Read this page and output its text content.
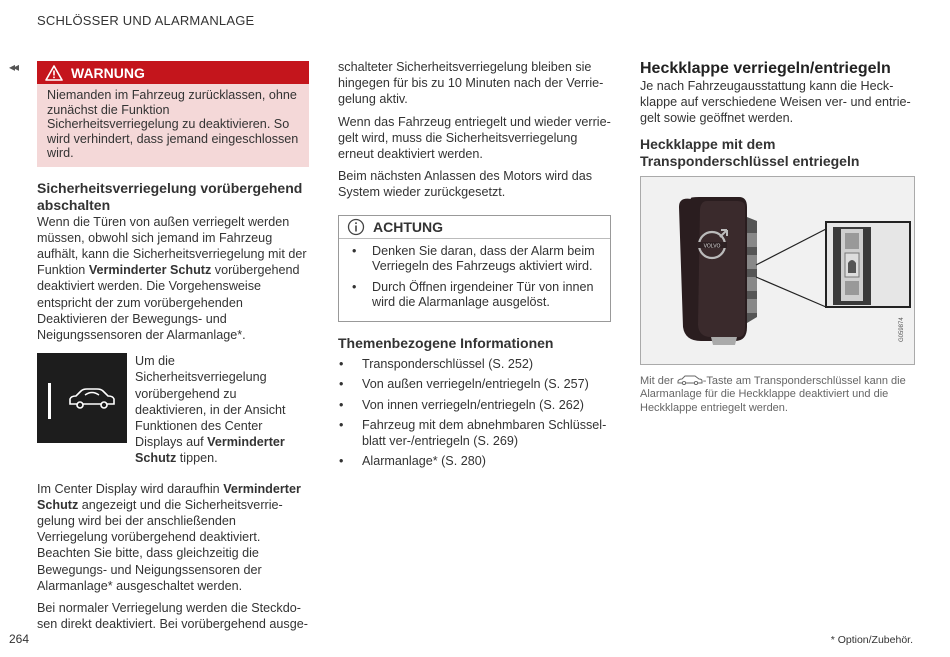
SCHLÖSSER UND ALARMANLAGE
◂◂	WARNUNG
Niemanden im Fahrzeug zurücklassen, ohne zunächst die Funktion Sicherheitsverriegelung zu deaktivieren. So wird verhindert, dass jemand eingeschlossen wird.
Sicherheitsverriegelung vorübergehend abschalten

Wenn die Türen von außen verriegelt werden müssen, obwohl sich jemand im Fahrzeug aufhält, kann die Sicherheitsverriegelung mit der Funktion Verminderter Schutz vorübergehend deaktiviert werden. Die Vorgehensweise entspricht der zum vorübergehenden Deaktivieren der Bewegungs- und Neigungssensoren der Alarmanlage*.

Um die Sicherheitsverriegelung vorübergehend zu deaktivieren, in der Ansicht Funktionen des Center Displays auf Verminderter Schutz tippen.

Im Center Display wird daraufhin Verminderter Schutz angezeigt und die Sicherheitsverriegelung wird bei der anschließenden Verriegelung vorübergehend deaktiviert. Beachten Sie bitte, dass gleichzeitig die Bewegungs- und Neigungssensoren der Alarmanlage* ausgeschaltet werden.

Bei normaler Verriegelung werden die Steckdosen direkt deaktiviert. Bei vorübergehend ausge-

schalteter Sicherheitsverriegelung bleiben sie hingegen für bis zu 10 Minuten nach der Verriegelung aktiv.

Wenn das Fahrzeug entriegelt und wieder verriegelt wird, muss die Sicherheitsverriegelung erneut deaktiviert werden.

Beim nächsten Anlassen des Motors wird das System wieder zurückgesetzt.

ACHTUNG
• Denken Sie daran, dass der Alarm beim Verriegeln des Fahrzeugs aktiviert wird.
• Durch Öffnen irgendeiner Tür von innen wird die Alarmanlage ausgelöst.
Themenbezogene Informationen
• Transponderschlüssel (S. 252)
• Von außen verriegeln/entriegeln (S. 257)
• Von innen verriegeln/entriegeln (S. 262)
• Fahrzeug mit dem abnehmbaren Schlüsselblatt ver-/entriegeln (S. 269)
• Alarmanlage* (S. 280)
Heckklappe verriegeln/entriegeln

Je nach Fahrzeugausstattung kann die Heckklappe auf verschiedene Weisen ver- und entriegelt sowie geöffnet werden.

Heckklappe mit dem Transponderschlüssel entriegeln
VOLVO
G059874
Mit der -Taste am Transponderschlüssel kann die Alarmanlage für die Heckklappe deaktiviert und die Heckklappe entriegelt werden.
264	* Option/Zubehör.
